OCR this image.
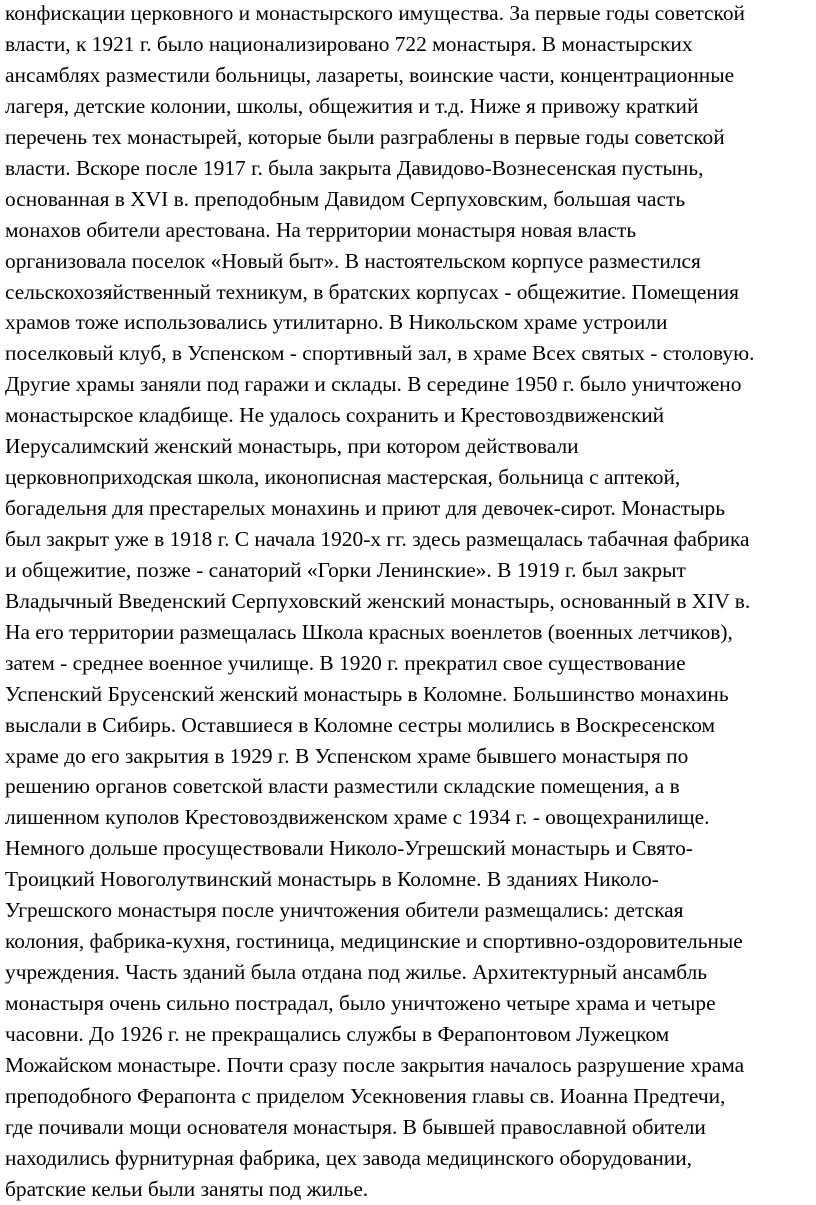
конфискации церковного и монастырского имущества. За первые годы советской
власти, к 1921 г. было национализировано 722 монастыря. В монастырских
ансамблях разместили больницы, лазареты, воинские части, концентрационные
лагеря, детские колонии, школы, общежития и т.д. Ниже я привожу краткий
перечень тех монастырей, которые были разграблены в первые годы советской
власти. Вскоре после 1917 г. была закрыта Давидово-Вознесенская пустынь,
основанная в XVI в. преподобным Давидом Серпуховским, большая часть
монахов обители арестована. На территории монастыря новая власть
организовала поселок «Новый быт». В настоятельском корпусе разместился
сельскохозяйственный техникум, в братских корпусах - общежитие. Помещения
храмов тоже использовались утилитарно. В Никольском храме устроили
поселковый клуб, в Успенском - спортивный зал, в храме Всех святых - столовую.
Другие храмы заняли под гаражи и склады. В середине 1950 г. было уничтожено
монастырское кладбище. Не удалось сохранить и Крестовоздвиженский
Иерусалимский женский монастырь, при котором действовали
церковноприходская школа, иконописная мастерская, больница с аптекой,
богадельня для престарелых монахинь и приют для девочек-сирот. Монастырь
был закрыт уже в 1918 г. С начала 1920-х гг. здесь размещалась табачная фабрика
и общежитие, позже - санаторий «Горки Ленинские». В 1919 г. был закрыт
Владычный Введенский Серпуховский женский монастырь, основанный в XIV в.
На его территории размещалась Школа красных военлетов (военных летчиков),
затем - среднее военное училище. В 1920 г. прекратил свое существование
Успенский Брусенский женский монастырь в Коломне. Большинство монахинь
выслали в Сибирь. Оставшиеся в Коломне сестры молились в Воскресенском
храме до его закрытия в 1929 г. В Успенском храме бывшего монастыря по
решению органов советской власти разместили складские помещения, а в
лишенном куполов Крестовоздвиженском храме с 1934 г. - овощехранилище.
Немного дольше просуществовали Николо-Угрешский монастырь и Свято-
Троицкий Новоголутвинский монастырь в Коломне. В зданиях Николо-
Угрешского монастыря после уничтожения обители размещались: детская
колония, фабрика-кухня, гостиница, медицинские и спортивно-оздоровительные
учреждения. Часть зданий была отдана под жилье. Архитектурный ансамбль
монастыря очень сильно пострадал, было уничтожено четыре храма и четыре
часовни. До 1926 г. не прекращались службы в Ферапонтовом Лужецком
Можайском монастыре. Почти сразу после закрытия началось разрушение храма
преподобного Ферапонта с приделом Усекновения главы св. Иоанна Предтечи,
где почивали мощи основателя монастыря. В бывшей православной обители
находились фурнитурная фабрика, цех завода медицинского оборудовании,
братские кельи были заняты под жилье.
